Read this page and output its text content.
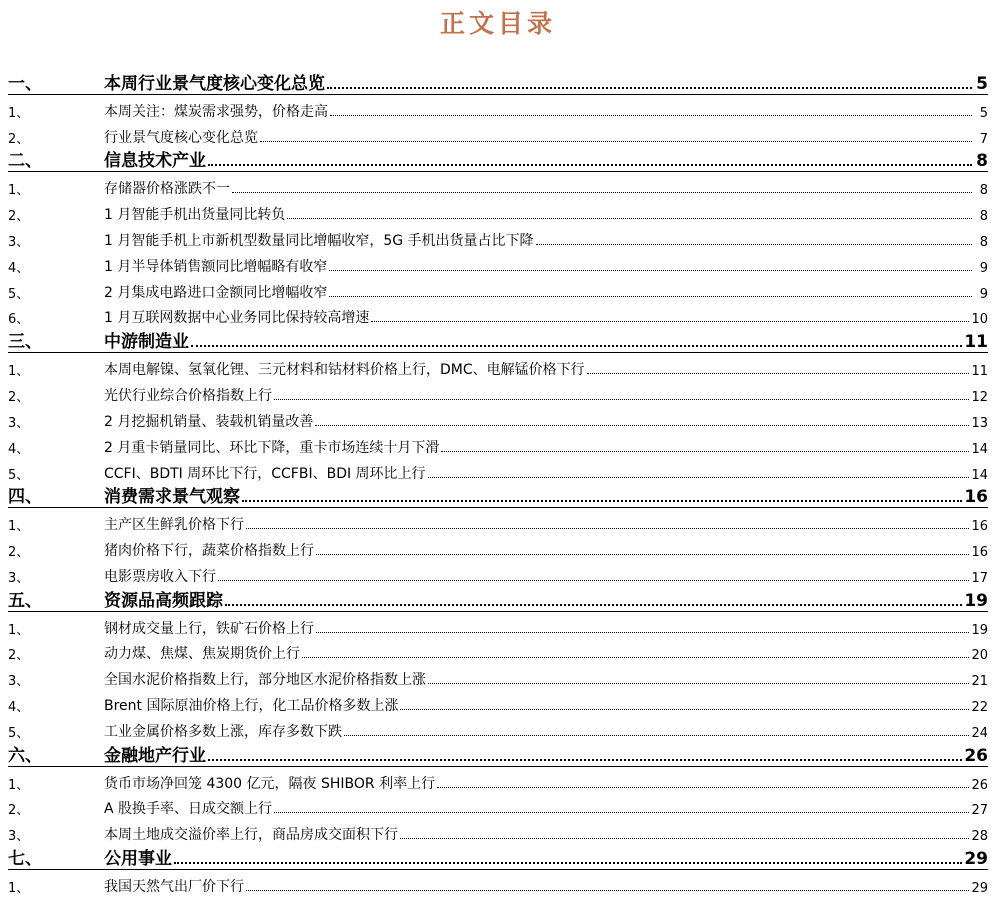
正文目录
一、	本周行业景气度核心变化总览	5
1、	本周关注：煤炭需求强势，价格走高	5
2、	行业景气度核心变化总览	7
二、	信息技术产业	8
1、	存储器价格涨跌不一	8
2、	1 月智能手机出货量同比转负	8
3、	1 月智能手机上市新机型数量同比增幅收窄，5G 手机出货量占比下降	8
4、	1 月半导体销售额同比增幅略有收窄	9
5、	2 月集成电路进口金额同比增幅收窄	9
6、	1 月互联网数据中心业务同比保持较高增速	10
三、	中游制造业	11
1、	本周电解镍、氢氧化锂、三元材料和钴材料价格上行，DMC、电解锰价格下行	11
2、	光伏行业综合价格指数上行	12
3、	2 月挖掘机销量、装载机销量改善	13
4、	2 月重卡销量同比、环比下降，重卡市场连续十月下滑	14
5、	CCFI、BDTI 周环比下行，CCFBI、BDI 周环比上行	14
四、	消费需求景气观察	16
1、	主产区生鲜乳价格下行	16
2、	猪肉价格下行，蔬菜价格指数上行	16
3、	电影票房收入下行	17
五、	资源品高频跟踪	19
1、	钢材成交量上行，铁矿石价格上行	19
2、	动力煤、焦煤、焦炭期货价上行	20
3、	全国水泥价格指数上行，部分地区水泥价格指数上涨	21
4、	Brent 国际原油价格上行，化工品价格多数上涨	22
5、	工业金属价格多数上涨，库存多数下跌	24
六、	金融地产行业	26
1、	货币市场净回笼 4300 亿元，隔夜 SHIBOR 利率上行	26
2、	A 股换手率、日成交额上行	27
3、	本周土地成交溢价率上行，商品房成交面积下行	28
七、	公用事业	29
1、	我国天然气出厂价下行	29
